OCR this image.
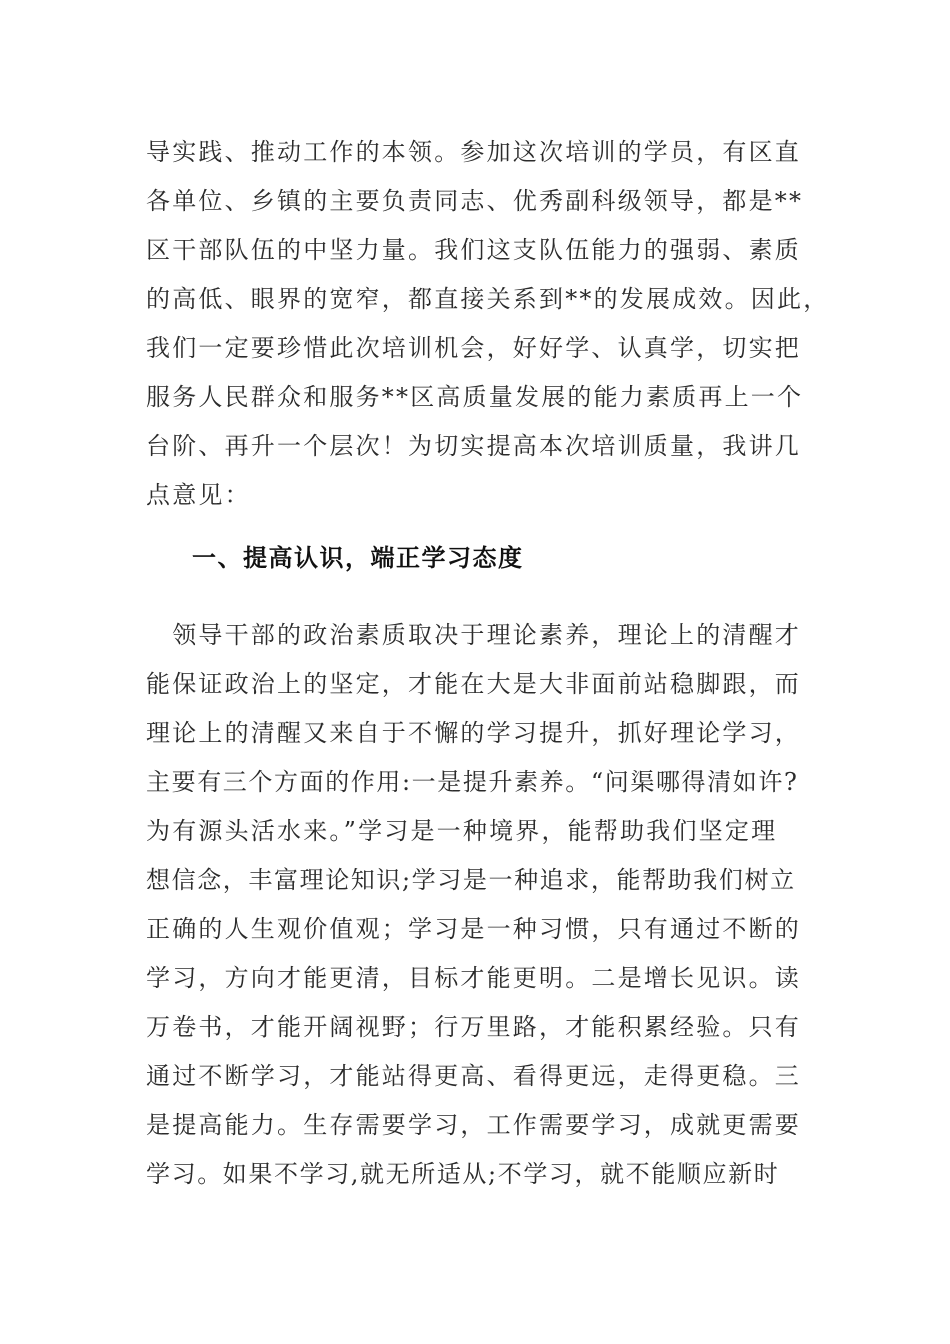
导实践、推动工作的本领。参加这次培训的学员，有区直
各单位、乡镇的主要负责同志、优秀副科级领导，都是**
区干部队伍的中坚力量。我们这支队伍能力的强弱、素质
的高低、眼界的宽窄，都直接关系到**的发展成效。因此，
我们一定要珍惜此次培训机会，好好学、认真学，切实把
服务人民群众和服务**区高质量发展的能力素质再上一个
台阶、再升一个层次！为切实提高本次培训质量，我讲几
点意见：
一、提高认识，端正学习态度
　领导干部的政治素质取决于理论素养，理论上的清醒才
能保证政治上的坚定，才能在大是大非面前站稳脚跟，而
理论上的清醒又来自于不懈的学习提升，抓好理论学习，
主要有三个方面的作用:一是提升素养。“问渠哪得清如许?
为有源头活水来。”学习是一种境界，能帮助我们坚定理
想信念，丰富理论知识;学习是一种追求，能帮助我们树立
正确的人生观价值观；学习是一种习惯，只有通过不断的
学习，方向才能更清，目标才能更明。二是增长见识。读
万卷书，才能开阔视野；行万里路，才能积累经验。只有
通过不断学习，才能站得更高、看得更远，走得更稳。三
是提高能力。生存需要学习，工作需要学习，成就更需要
学习。如果不学习,就无所适从;不学习，就不能顺应新时
